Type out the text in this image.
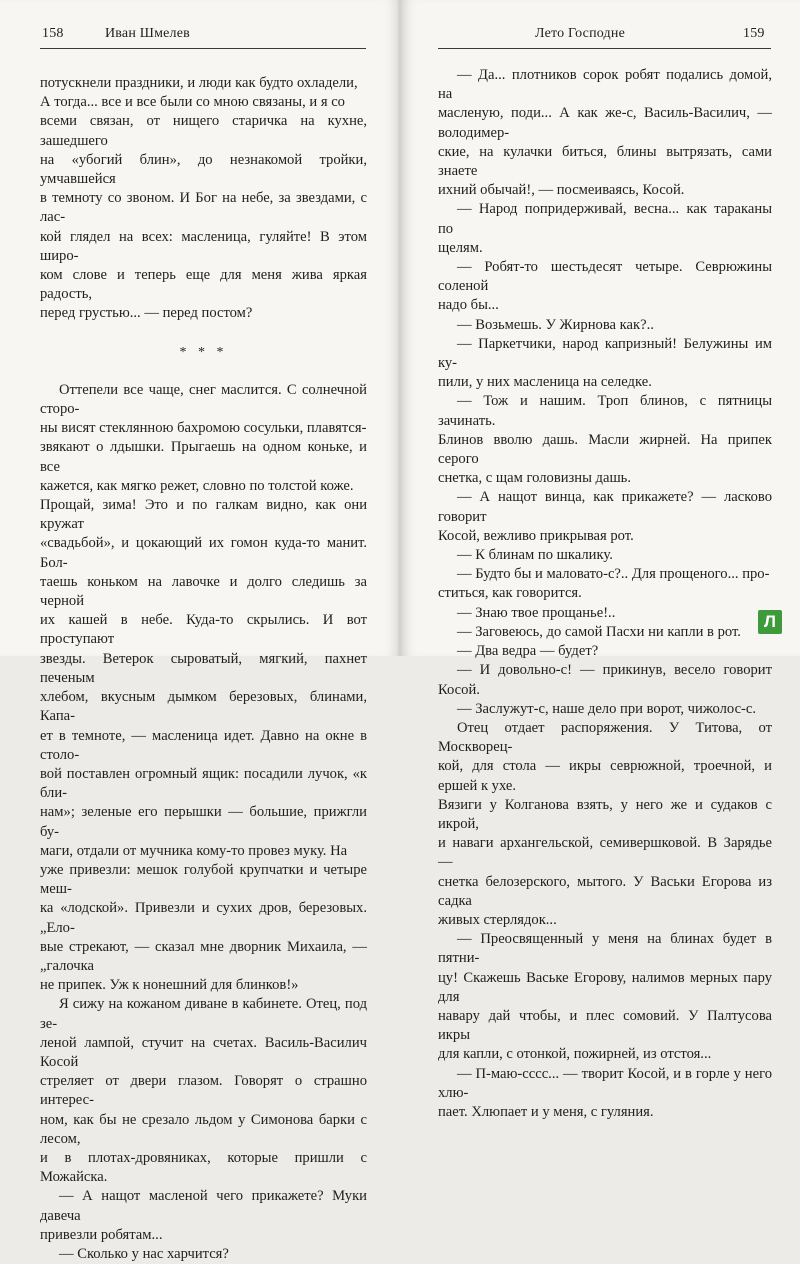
158	Иван Шмелев

потускнели праздники, и люди как будто охладели,

А тогда... все и все были со мною связаны, и я со

всеми связан, от нищего старичка на кухне, зашедшего

на «убогий блин», до незнакомой тройки, умчавшейся

в темноту со звоном. И Бог на небе, за звездами, с лас-

кой глядел на всех: масленица, гуляйте! В этом широ-

ком слове и теперь еще для меня жива яркая радость,

перед грустью... — перед постом?

* * *

Оттепели все чаще, снег маслится. С солнечной сторо-

ны висят стеклянною бахромою сосульки, плавятся-

звякают о лдышки. Прыгаешь на одном коньке, и все

кажется, как мягко режет, словно по толстой коже.

Прощай, зима! Это и по галкам видно, как они кружат

«свадьбой», и цокающий их гомон куда-то манит. Бол-

таешь коньком на лавочке и долго следишь за черной

их кашей в небе. Куда-то скрылись. И вот проступают

звезды. Ветерок сыроватый, мягкий, пахнет печеным

хлебом, вкусным дымком березовых, блинами, Капа-

ет в темноте, — масленица идет. Давно на окне в столо-

вой поставлен огромный ящик: посадили лучок, «к бли-

нам»; зеленые его перышки — большие, прижгли бу-

маги, отдали от мучника кому-то провез муку. На

уже привезли: мешок голубой крупчатки и четыре меш-

ка «лодской». Привезли и сухих дров, березовых. „Ело-

вые стрекают, — сказал мне дворник Михаила, — „галочка

не припек. Уж к нонешний для блинков!»

Я сижу на кожаном диване в кабинете. Отец, под зе-

леной лампой, стучит на счетах. Василь-Василич Косой

стреляет от двери глазом. Говорят о страшно интерес-

ном, как бы не срезало льдом у Симонова барки с лесом,

и в плотах-дровяниках, которые пришли с Можайска.

— А нащот масленой чего прикажете? Муки давеча

привезли робятам...

— Сколько у нас харчится?

Лето Господне	159

— Да... плотников сорок робят подались домой, на

масленую, поди... А как же-с, Василь-Василич, — володимер-

ские, на кулачки биться, блины вытрязать, сами знаете

ихний обычай!, — посмеиваясь, Косой.

— Народ попридерживай, весна... как тараканы по

щелям.

— Робят-то шестьдесят четыре. Севрюжины соленой

надо бы...

— Возьмешь. У Жирнова как?..

— Паркетчики, народ капризный! Белужины им ку-

пили, у них масленица на селедке.

— Тож и нашим. Троп блинов, с пятницы зачинать.

Блинов вволю дашь. Масли жирней. На припек серого

снетка, с щам головизны дашь.

— А нащот винца, как прикажете? — ласково говорит

Косой, вежливо прикрывая рот.

— К блинам по шкалику.

— Будто бы и маловато-с?.. Для прощеного... про-

ститься, как говорится.

— Знаю твое прощанье!..

— Заговеюсь, до самой Пасхи ни капли в рот.

— Два ведра — будет?

— И довольно-с! — прикинув, весело говорит Косой.

— Заслужут-с, наше дело при ворот, чижолос-с.

Отец отдает распоряжения. У Титова, от Москворец-

кой, для стола — икры севрюжной, троечной, и ершей к ухе.

Вязиги у Колганова взять, у него же и судаков с икрой,

и наваги архангельской, семивершковой. В Зарядье —

снетка белозерского, мытого. У Васьки Егорова из садка

живых стерлядок...

— Преосвященный у меня на блинах будет в пятни-

цу! Скажешь Ваське Егорову, налимов мерных пару для

навару дай чтобы, и плес сомовий. У Палтусова икры

для капли, с отонкой, пожирней, из отстоя...

— П-маю-сссс... — творит Косой, и в горле у него хлю-

пает. Хлюпает и у меня, с гуляния.

Л
